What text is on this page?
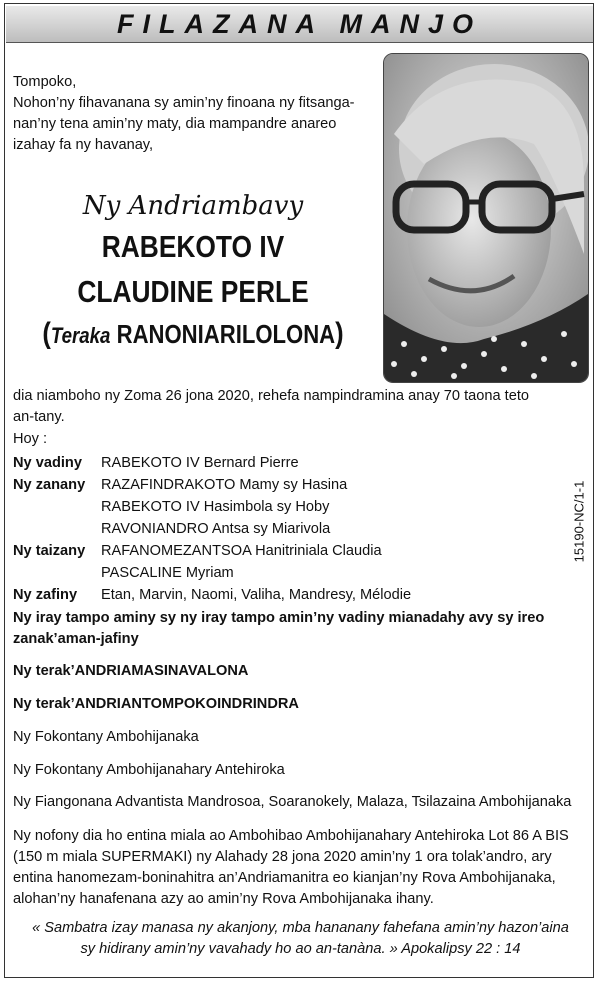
FILAZANA MANJO
Tompoko,
Nohon’ny fihavanana sy amin’ny finoana ny fitsanga-
nan’ny tena amin’ny maty, dia mampandre anareo
izahay fa ny havanay,
Ny Andriambavy
RABEKOTO IV
CLAUDINE PERLE
(Teraka RANONIARILOLONA)
dia niamboho ny Zoma 26 jona 2020, rehefa nampindramina anay 70 taona teto
an-tany.
Hoy :
Ny vadiny RABEKOTO IV Bernard Pierre
Ny zanany RAZAFINDRAKOTO Mamy sy Hasina
RABEKOTO IV Hasimbola sy Hoby
RAVONIANDRO Antsa sy Miarivola
Ny taizany RAFANOMEZANTSOA Hanitriniala Claudia
PASCALINE Myriam
Ny zafiny Etan, Marvin, Naomi, Valiha, Mandresy, Mélodie
15190-NC/1-1
Ny iray tampo aminy sy ny iray tampo amin’ny vadiny mianadahy avy sy ireo
zanak’aman-jafiny
Ny terak’ANDRIAMASINAVALONA
Ny terak’ANDRIANTOMPOKOINDRINDRA
Ny Fokontany Ambohijanaka
Ny Fokontany Ambohijanahary Antehiroka
Ny Fiangonana Advantista Mandrosoa, Soaranokely, Malaza, Tsilazaina Ambohijanaka
Ny nofony dia ho entina miala ao Ambohibao Ambohijanahary Antehiroka Lot 86 A BIS
(150 m miala SUPERMAKI) ny Alahady 28 jona 2020 amin’ny 1 ora tolak’andro, ary
entina hanomezam-boninahitra an’Andriamanitra eo kianjan’ny Rova Ambohijanaka,
alohan’ny hanafenana azy ao amin’ny Rova Ambohijanaka ihany.
« Sambatra izay manasa ny akanjony, mba hananany fahefana amin’ny hazon’aina
sy hidirany amin’ny vavahady ho ao an-tanàna. » Apokalipsy 22 : 14
